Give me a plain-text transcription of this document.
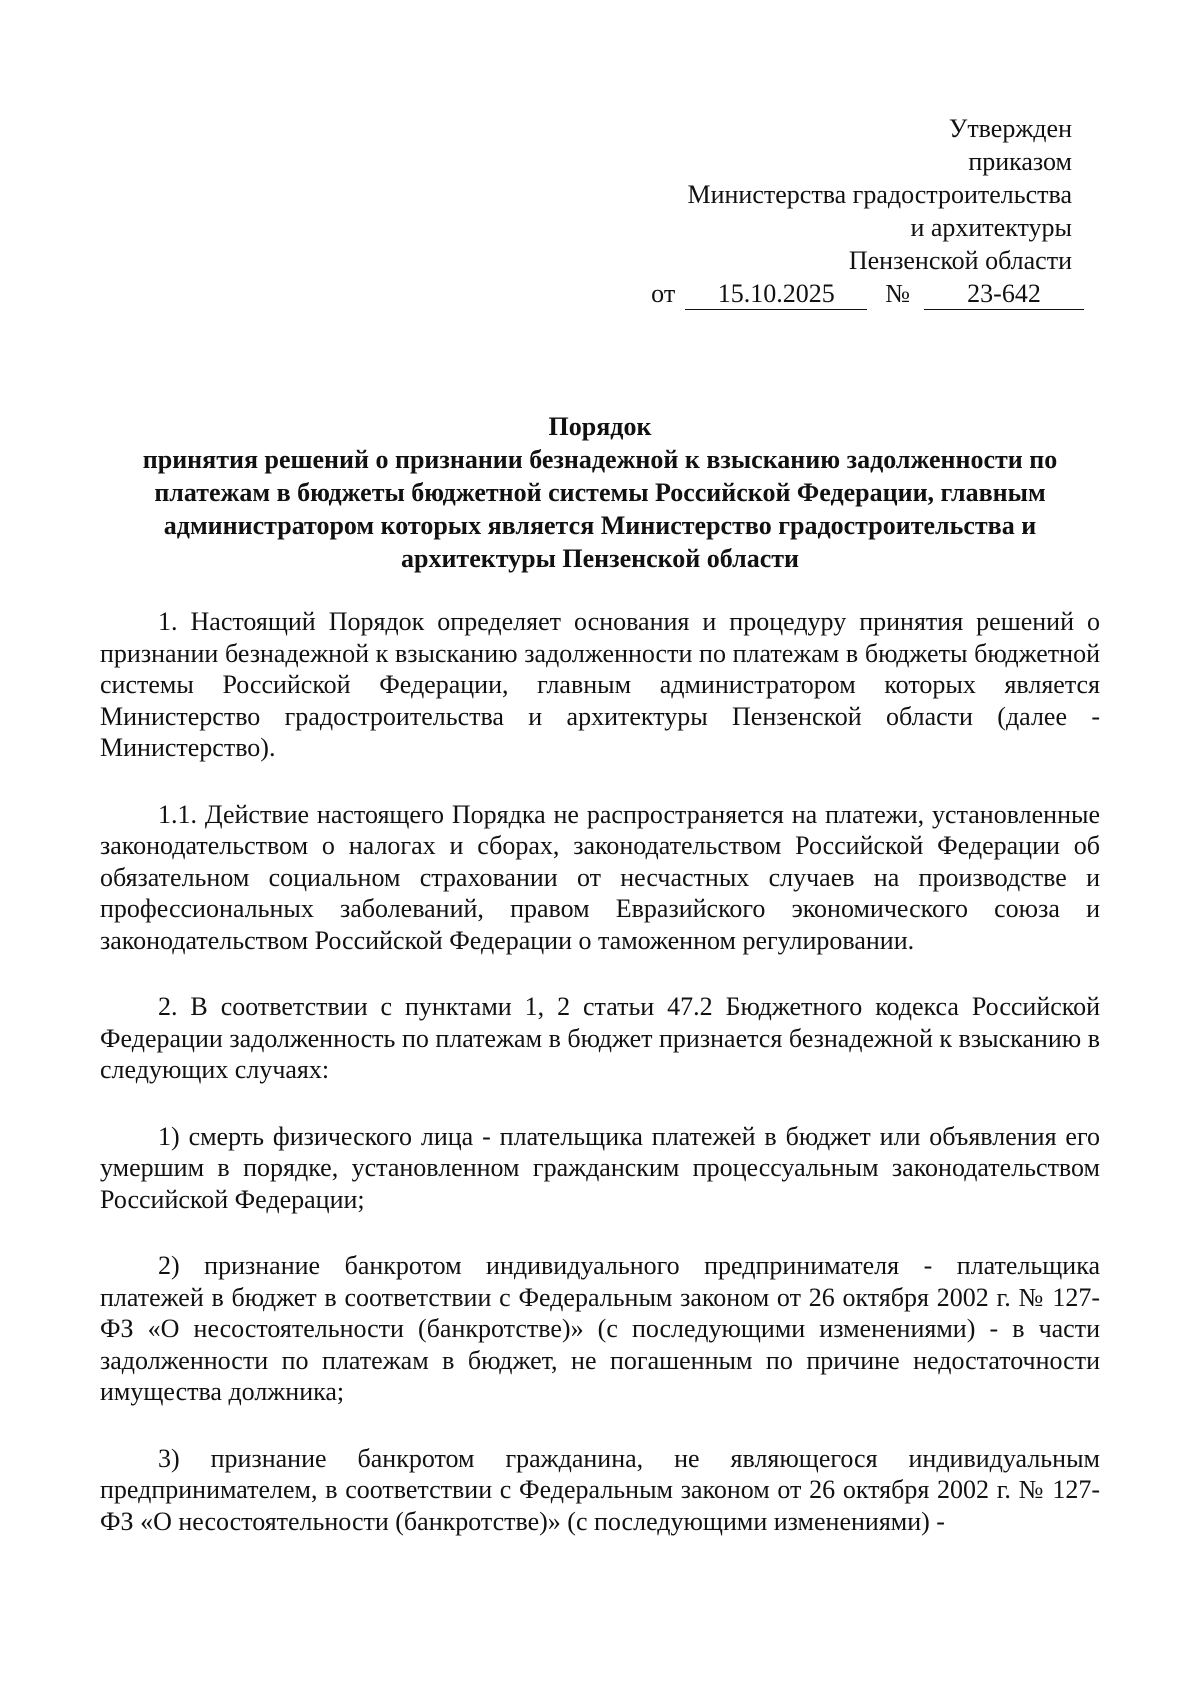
Утвержден
приказом
Министерства градостроительства
и архитектуры
Пензенской области
от	15.10.2025	№	23-642
Порядок
принятия решений о признании безнадежной к взысканию задолженности по
платежам в бюджеты бюджетной системы Российской Федерации, главным
администратором которых является Министерство градостроительства и
архитектуры Пензенской области

1. Настоящий Порядок определяет основания и процедуру принятия решений о признании безнадежной к взысканию задолженности по платежам в бюджеты бюджетной системы Российской Федерации, главным администратором которых является Министерство градостроительства и архитектуры Пензенской области (далее - Министерство).

1.1. Действие настоящего Порядка не распространяется на платежи, установленные законодательством о налогах и сборах, законодательством Российской Федерации об обязательном социальном страховании от несчастных случаев на производстве и профессиональных заболеваний, правом Евразийского экономического союза и законодательством Российской Федерации о таможенном регулировании.

2. В соответствии с пунктами 1, 2 статьи 47.2 Бюджетного кодекса Российской Федерации задолженность по платежам в бюджет признается безнадежной к взысканию в следующих случаях:

1) смерть физического лица - плательщика платежей в бюджет или объявления его умершим в порядке, установленном гражданским процессуальным законодательством Российской Федерации;

2) признание банкротом индивидуального предпринимателя - плательщика платежей в бюджет в соответствии с Федеральным законом от 26 октября 2002 г. № 127-ФЗ «О несостоятельности (банкротстве)» (с последующими изменениями) - в части задолженности по платежам в бюджет, не погашенным по причине недостаточности имущества должника;

3) признание банкротом гражданина, не являющегося индивидуальным предпринимателем, в соответствии с Федеральным законом от 26 октября 2002 г. № 127-ФЗ «О несостоятельности (банкротстве)» (с последующими изменениями) -
